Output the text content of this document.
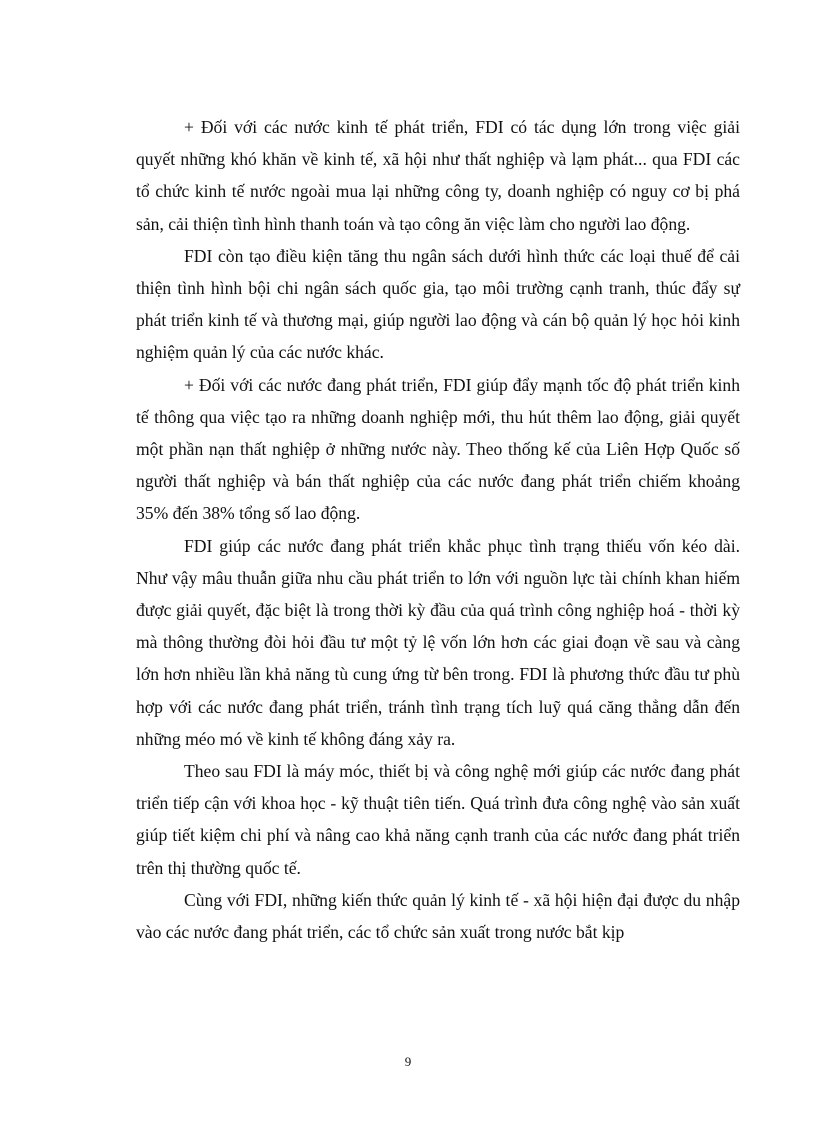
+ Đối với các nước kinh tế phát triển, FDI có tác dụng lớn trong việc giải quyết những khó khăn về kinh tế, xã hội như thất nghiệp và lạm phát... qua FDI các tổ chức kinh tế nước ngoài mua lại những công ty, doanh nghiệp có nguy cơ bị phá sản, cải thiện tình hình thanh toán và tạo công ăn việc làm cho người lao động.

FDI còn tạo điều kiện tăng thu ngân sách dưới hình thức các loại thuế để cải thiện tình hình bội chi ngân sách quốc gia, tạo môi trường cạnh tranh, thúc đẩy sự phát triển kinh tế và thương mại, giúp người lao động và cán bộ quản lý học hỏi kinh nghiệm quản lý của các nước khác.

+ Đối với các nước đang phát triển, FDI giúp đẩy mạnh tốc độ phát triển kinh tế thông qua việc tạo ra những doanh nghiệp mới, thu hút thêm lao động, giải quyết một phần nạn thất nghiệp ở những nước này. Theo thống kế của Liên Hợp Quốc số người thất nghiệp và bán thất nghiệp của các nước đang phát triển chiếm khoảng 35% đến 38% tổng số lao động.

FDI giúp các nước đang phát triển khắc phục tình trạng thiếu vốn kéo dài. Như vậy mâu thuẫn giữa nhu cầu phát triển to lớn với nguồn lực tài chính khan hiếm được giải quyết, đặc biệt là trong thời kỳ đầu của quá trình công nghiệp hoá - thời kỳ mà thông thường đòi hỏi đầu tư một tỷ lệ vốn lớn hơn các giai đoạn về sau và càng lớn hơn nhiều lần khả năng tù cung ứng từ bên trong. FDI là phương thức đầu tư phù hợp với các nước đang phát triển, tránh tình trạng tích luỹ quá căng thẳng dẫn đến những méo mó về kinh tế không đáng xảy ra.

Theo sau FDI là máy móc, thiết bị và công nghệ mới giúp các nước đang phát triển tiếp cận với khoa học - kỹ thuật tiên tiến. Quá trình đưa công nghệ vào sản xuất giúp tiết kiệm chi phí và nâng cao khả năng cạnh tranh của các nước đang phát triển trên thị thường quốc tế.

Cùng với FDI, những kiến thức quản lý kinh tế - xã hội hiện đại được du nhập vào các nước đang phát triển, các tổ chức sản xuất trong nước bắt kịp

9
